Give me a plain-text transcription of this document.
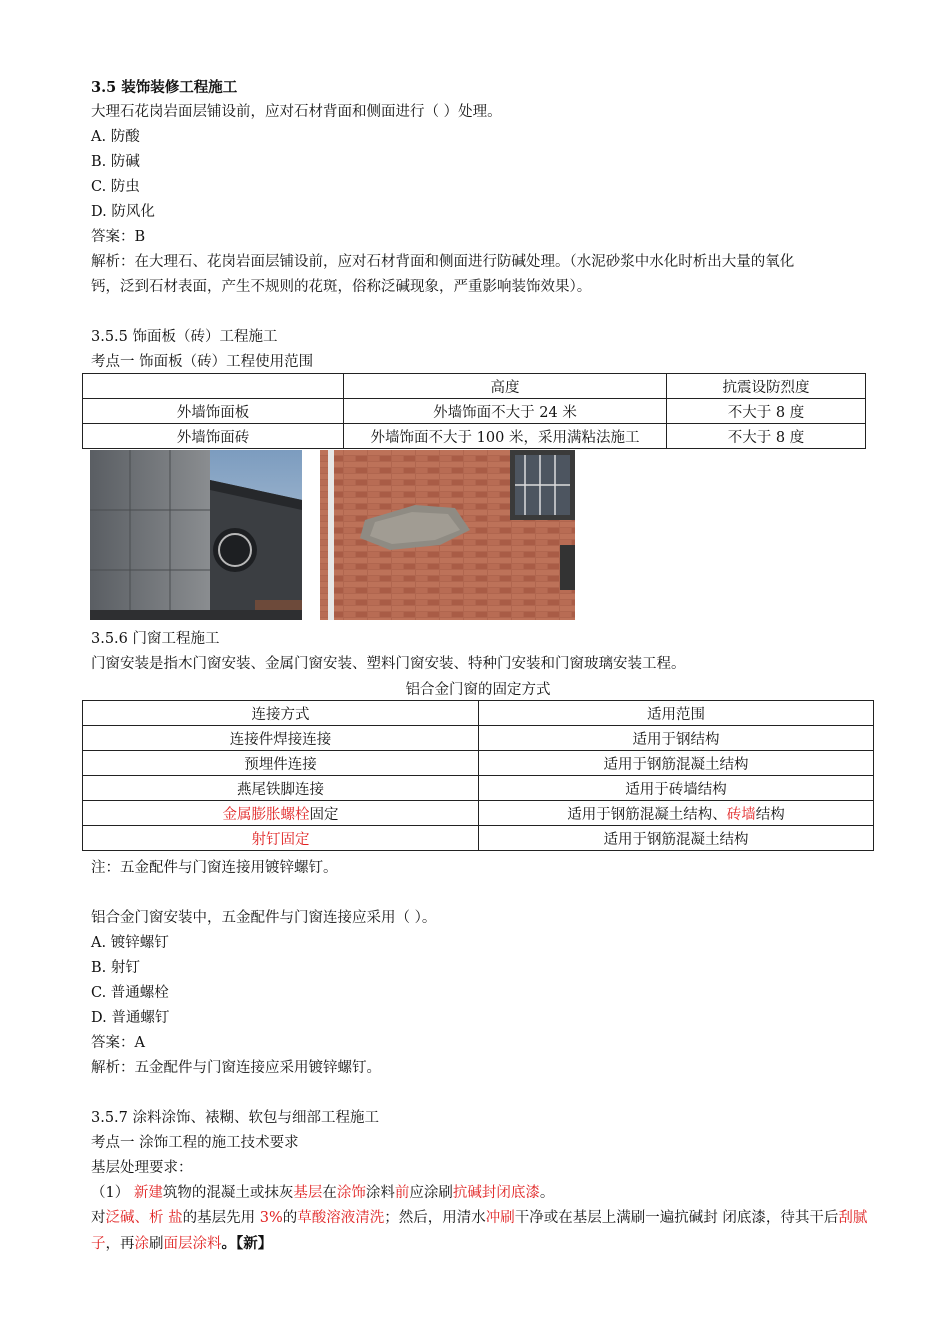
3.5 装饰装修工程施工
大理石花岗岩面层铺设前，应对石材背面和侧面进行（ ）处理。
A. 防酸
B. 防碱
C. 防虫
D. 防风化
答案：B
解析：在大理石、花岗岩面层铺设前，应对石材背面和侧面进行防碱处理。（水泥砂浆中水化时析出大量的氧化
钙，泛到石材表面，产生不规则的花斑，俗称泛碱现象，严重影响装饰效果）。
3.5.5 饰面板（砖）工程施工
考点一 饰面板（砖）工程使用范围
	高度	抗震设防烈度
外墙饰面板	外墙饰面不大于 24 米	不大于 8 度
外墙饰面砖	外墙饰面不大于 100 米，采用满粘法施工	不大于 8 度
3.5.6 门窗工程施工
门窗安装是指木门窗安装、金属门窗安装、塑料门窗安装、特种门安装和门窗玻璃安装工程。
铝合金门窗的固定方式
连接方式	适用范围
连接件焊接连接	适用于钢结构
预埋件连接	适用于钢筋混凝土结构
燕尾铁脚连接	适用于砖墙结构
金属膨胀螺栓固定	适用于钢筋混凝土结构、砖墙结构
射钉固定	适用于钢筋混凝土结构
注：五金配件与门窗连接用镀锌螺钉。
铝合金门窗安装中，五金配件与门窗连接应采用（ ）。
A. 镀锌螺钉
B. 射钉
C. 普通螺栓
D. 普通螺钉
答案：A
解析：五金配件与门窗连接应采用镀锌螺钉。
3.5.7 涂料涂饰、裱糊、软包与细部工程施工
考点一 涂饰工程的施工技术要求
基层处理要求：
（1） 新建筑物的混凝土或抹灰基层在涂饰涂料前应涂刷抗碱封闭底漆。
对泛碱、析 盐的基层先用 3%的草酸溶液清洗；然后，用清水冲刷干净或在基层上满刷一遍抗碱封 闭底漆，待其干后刮腻子，再涂刷面层涂料。【新】
